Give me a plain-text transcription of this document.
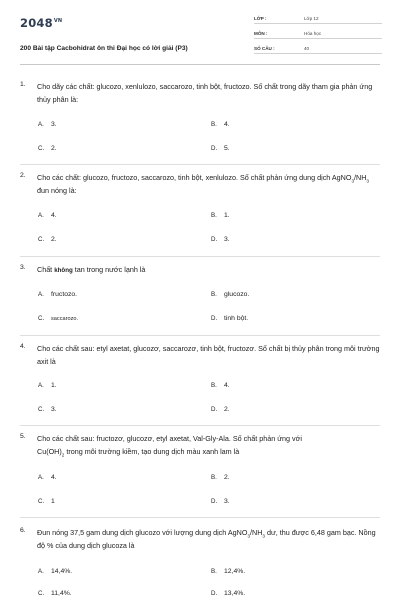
$2048^{VN}$
200 Bài tập Cacbohidrat ôn thi Đại học có lời giải (P3)
LỚP :	Lớp 12
MÔN :	Hóa học
SỐ CÂU :	40
1. Cho dãy các chất: glucozo, xenlulozo, saccarozo, tinh bột, fructozo. Số chất trong dãy tham gia phản ứng thủy phân là:
A. 3.	B. 4.
C. 2.	D. 5.
2. Cho các chất: glucozo, fructozo, saccarozo, tinh bột, xenlulozo. Số chất phản ứng dung dịch $AgNO_3/NH_3$ đun nóng là:
A. 4.	B. 1.
C. 2.	D. 3.
3. Chất không tan trong nước lạnh là
A. fructozo.	B. glucozo.
C. saccarozo.	D. tinh bột.
4. Cho các chất sau: etyl axetat, glucozơ, saccarozơ, tinh bột, fructozơ. Số chất bị thủy phân trong môi trường axit là
A. 1.	B. 4.
C. 3.	D. 2.
5. Cho các chất sau: fructozơ, glucozơ, etyl axetat, Val-Gly-Ala. Số chất phản ứng với
$Cu(OH)_2$ trong môi trường kiềm, tạo dung dịch màu xanh lam là
A. 4.	B. 2.
C. 1	D. 3.
6. Đun nóng 37,5 gam dung dịch glucozo với lượng dung dịch $AgNO_3/NH_3$ dư, thu được 6,48 gam bạc. Nồng độ % của dung dịch glucoza là
A. 14,4%.	B. 12,4%.
C. 11,4%.	D. 13,4%.
